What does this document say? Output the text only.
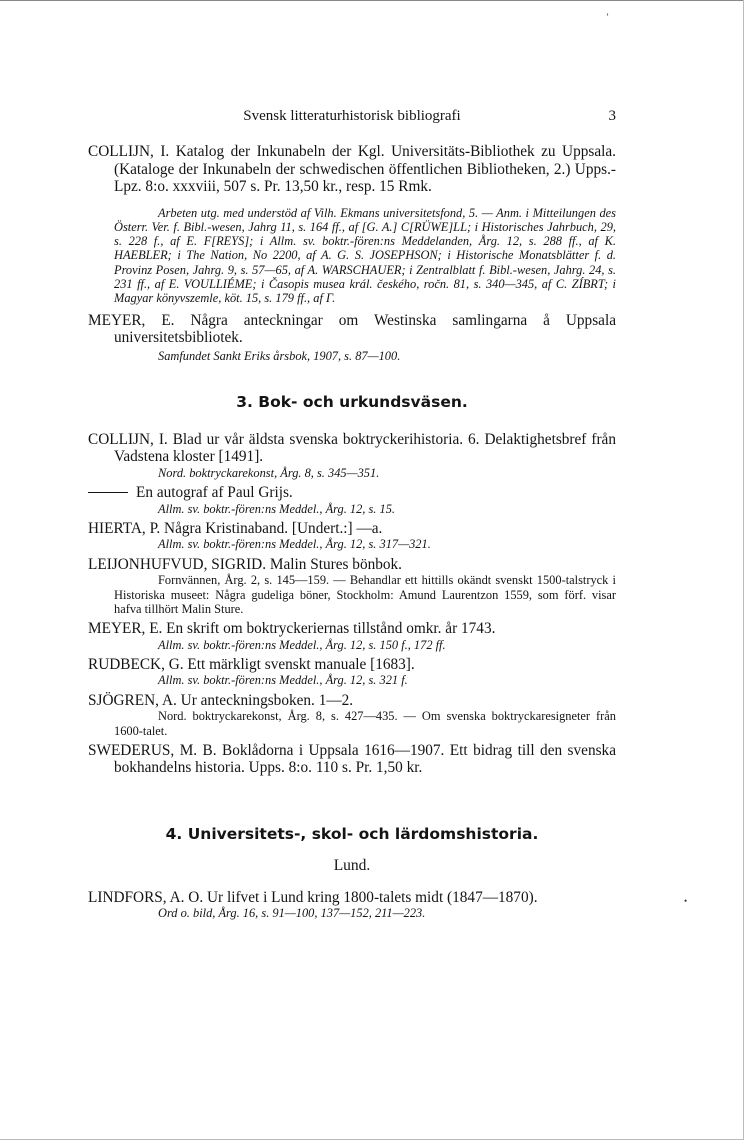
ʼ
•
Svensk litteraturhistorisk bibliografi	3

COLLIJN, I. Katalog der Inkunabeln der Kgl. Universitäts-Bibliothek zu Uppsala. (Kataloge der Inkunabeln der schwedischen öffentlichen Bibliotheken, 2.) Upps.-Lpz. 8:o. xxxviii, 507 s. Pr. 13,50 kr., resp. 15 Rmk.

Arbeten utg. med understöd af Vilh. Ekmans universitetsfond, 5. — Anm. i Mitteilungen des Österr. Ver. f. Bibl.-wesen, Jahrg 11, s. 164 ff., af [G. A.] C[RÜWE]LL; i Historisches Jahrbuch, 29, s. 228 f., af E. F[REYS]; i Allm. sv. boktr.-fören:ns Meddelanden, Årg. 12, s. 288 ff., af K. HAEBLER; i The Nation, No 2200, af A. G. S. JOSEPHSON; i Historische Monatsblätter f. d. Provinz Posen, Jahrg. 9, s. 57—65, af A. WARSCHAUER; i Zentralblatt f. Bibl.-wesen, Jahrg. 24, s. 231 ff., af E. VOULLIÉME; i Časopis musea král. českého, ročn. 81, s. 340—345, af C. ZÍBRT; i Magyar könyvszemle, köt. 15, s. 179 ff., af Г.

MEYER, E. Några anteckningar om Westinska samlingarna å Uppsala universitetsbibliotek.

Samfundet Sankt Eriks årsbok, 1907, s. 87—100.

3. Bok- och urkundsväsen.

COLLIJN, I. Blad ur vår äldsta svenska boktryckerihistoria. 6. Delaktighetsbref från Vadstena kloster [1491].

Nord. boktryckarekonst, Årg. 8, s. 345—351.

En autograf af Paul Grijs.

Allm. sv. boktr.-fören:ns Meddel., Årg. 12, s. 15.

HIERTA, P. Några Kristinaband. [Undert.:] —a.

Allm. sv. boktr.-fören:ns Meddel., Årg. 12, s. 317—321.

LEIJONHUFVUD, SIGRID. Malin Stures bönbok.

Fornvännen, Årg. 2, s. 145—159. — Behandlar ett hittills okändt svenskt 1500-talstryck i Historiska museet: Några gudeliga böner, Stockholm: Amund Laurentzon 1559, som förf. visar hafva tillhört Malin Sture.

MEYER, E. En skrift om boktryckeriernas tillstånd omkr. år 1743.

Allm. sv. boktr.-fören:ns Meddel., Årg. 12, s. 150 f., 172 ff.

RUDBECK, G. Ett märkligt svenskt manuale [1683].

Allm. sv. boktr.-fören:ns Meddel., Årg. 12, s. 321 f.

SJÖGREN, A. Ur anteckningsboken. 1—2.

Nord. boktryckarekonst, Årg. 8, s. 427—435. — Om svenska boktryckaresigneter från 1600-talet.

SWEDERUS, M. B. Boklådorna i Uppsala 1616—1907. Ett bidrag till den svenska bokhandelns historia. Upps. 8:o. 110 s. Pr. 1,50 kr.

4. Universitets-, skol- och lärdomshistoria.

Lund.

LINDFORS, A. O. Ur lifvet i Lund kring 1800-talets midt (1847—1870).

Ord o. bild, Årg. 16, s. 91—100, 137—152, 211—223.
